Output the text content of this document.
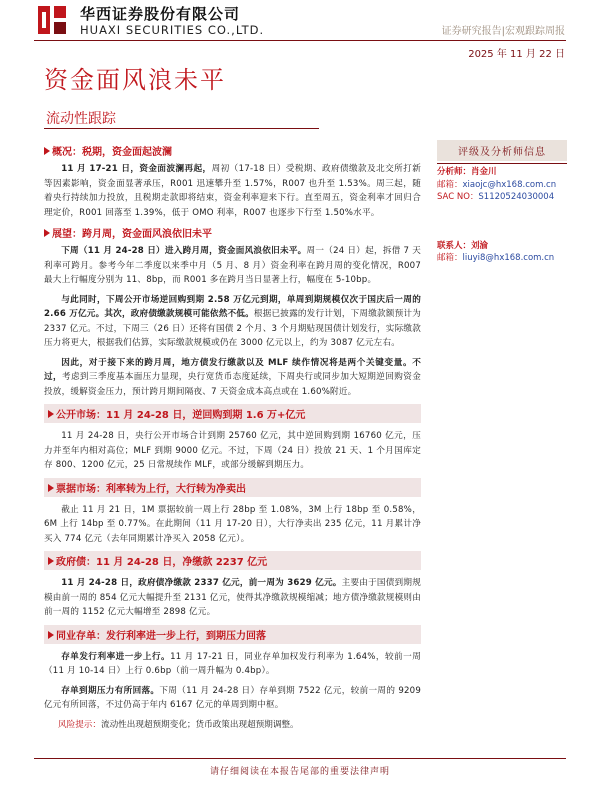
华西证券股份有限公司
HUAXI SECURITIES CO.,LTD.	证券研究报告|宏观跟踪周报
2025 年 11 月 22 日
资金面风浪未平
流动性跟踪
概况：税期，资金面起波澜

11 月 17-21 日，资金面波澜再起，周初（17-18 日）受税期、政府债缴款及北交所打新等因素影响，资金面显著承压，R001 迅速攀升至 1.57%，R007 也升至 1.53%。周三起，随着央行持续加力投放，且税期走款即将结束，资金利率迎来下行。直至周五，资金利率才回归合理定价，R001 回落至 1.39%，低于 OMO 利率，R007 也逐步下行至 1.50%水平。

展望：跨月周，资金面风浪依旧未平

下周（11 月 24-28 日）进入跨月周，资金面风浪依旧未平。周一（24 日）起，拆借 7 天利率可跨月。参考今年二季度以来季中月（5 月、8 月）资金利率在跨月周的变化情况，R007 最大上行幅度分别为 11、8bp，而 R001 多在跨月当日显著上行，幅度在 5-10bp。

与此同时，下周公开市场逆回购到期 2.58 万亿元到期，单周到期规模仅次于国庆后一周的 2.66 万亿元。其次，政府债缴款规模可能依然不低。根据已披露的发行计划，下周缴款额预计为 2337 亿元。不过，下周三（26 日）还将有国债 2 个月、3 个月期贴现国债计划发行，实际缴款压力将更大，根据我们估算，实际缴款规模或仍在 3000 亿元以上，约为 3087 亿元左右。

因此，对于接下来的跨月周，地方债发行缴款以及 MLF 续作情况将是两个关键变量。不过，考虑到三季度基本面压力显现，央行宽货币态度延续，下周央行或同步加大短期逆回购资金投放，缓解资金压力，预计跨月期间隔夜、7 天资金成本高点或在 1.60%附近。

公开市场：11 月 24-28 日，逆回购到期 1.6 万+亿元

11 月 24-28 日，央行公开市场合计到期 25760 亿元，其中逆回购到期 16760 亿元，压力并至年内相对高位；MLF 到期 9000 亿元。不过，下周（24 日）投放 21 天、1 个月国库定存 800、1200 亿元，25 日常规续作 MLF，或部分缓解到期压力。

票据市场：利率转为上行，大行转为净卖出

截止 11 月 21 日，1M 票据较前一周上行 28bp 至 1.08%，3M 上行 18bp 至 0.58%，6M 上行 14bp 至 0.77%。在此期间（11 月 17-20 日），大行净卖出 235 亿元，11 月累计净买入 774 亿元（去年同期累计净买入 2058 亿元）。

政府债：11 月 24-28 日，净缴款 2237 亿元

11 月 24-28 日，政府债净缴款 2337 亿元，前一周为 3629 亿元。主要由于国债到期规模由前一周的 854 亿元大幅提升至 2131 亿元，使得其净缴款规模缩减；地方债净缴款规模则由前一周的 1152 亿元大幅增至 2898 亿元。

同业存单：发行利率进一步上行，到期压力回落

存单发行利率进一步上行。11 月 17-21 日，同业存单加权发行利率为 1.64%，较前一周（11 月 10-14 日）上行 0.6bp（前一周升幅为 0.4bp）。

存单到期压力有所回落。下周（11 月 24-28 日）存单到期 7522 亿元，较前一周的 9209 亿元有所回落，不过仍高于年内 6167 亿元的单周到期中枢。

风险提示：流动性出现超预期变化；货币政策出现超预期调整。
评级及分析师信息
分析师：肖金川
邮箱：xiaojc@hx168.com.cn
SAC NO：S1120524030004
联系人：刘渝
邮箱：liuyi8@hx168.com.cn
请仔细阅读在本报告尾部的重要法律声明
